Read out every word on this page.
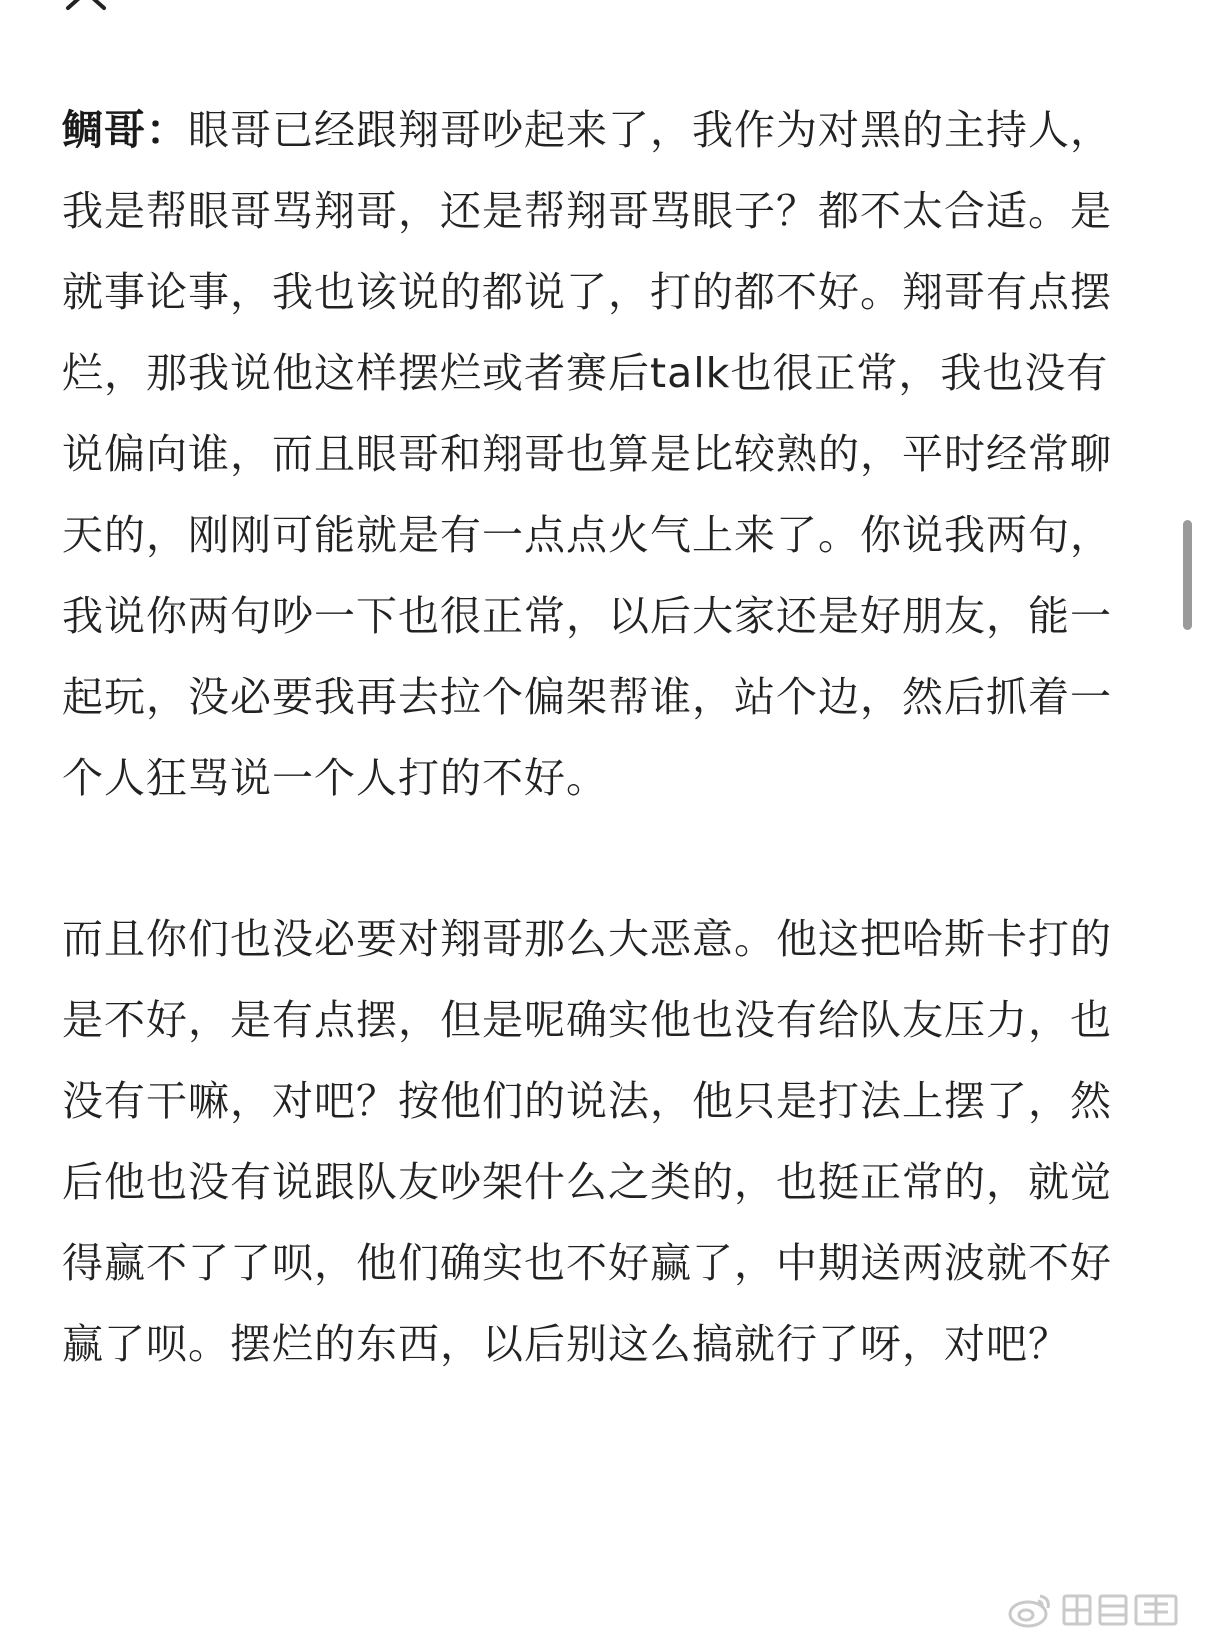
鲷哥：眼哥已经跟翔哥吵起来了，我作为对黑的主持人，我是帮眼哥骂翔哥，还是帮翔哥骂眼子？都不太合适。是就事论事，我也该说的都说了，打的都不好。翔哥有点摆烂，那我说他这样摆烂或者赛后talk也很正常，我也没有说偏向谁，而且眼哥和翔哥也算是比较熟的，平时经常聊天的，刚刚可能就是有一点点火气上来了。你说我两句，我说你两句吵一下也很正常，以后大家还是好朋友，能一起玩，没必要我再去拉个偏架帮谁，站个边，然后抓着一个人狂骂说一个人打的不好。

而且你们也没必要对翔哥那么大恶意。他这把哈斯卡打的是不好，是有点摆，但是呢确实他也没有给队友压力，也没有干嘛，对吧？按他们的说法，他只是打法上摆了，然后他也没有说跟队友吵架什么之类的，也挺正常的，就觉得赢不了了呗，他们确实也不好赢了，中期送两波就不好赢了呗。摆烂的东西，以后别这么搞就行了呀，对吧？
